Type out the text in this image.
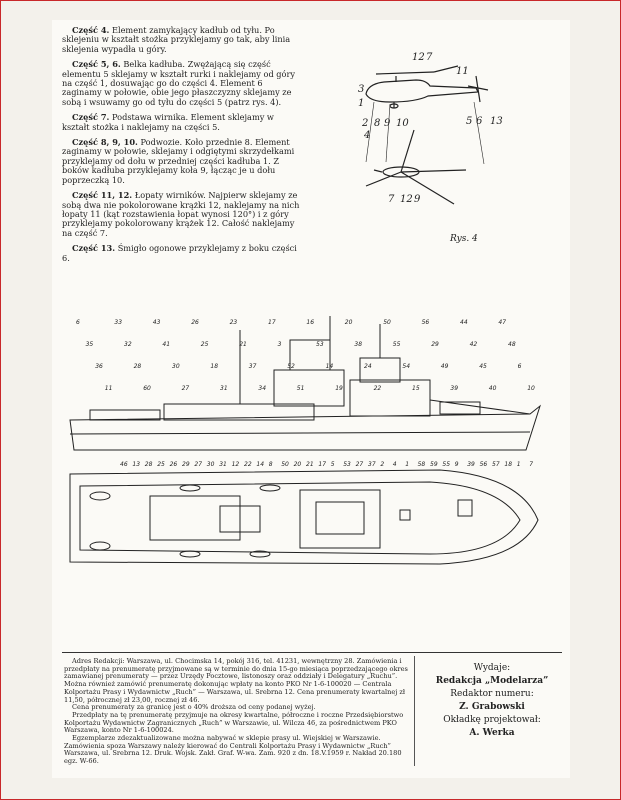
Część 4. Element zamykający kadłub od tyłu. Po sklejeniu w kształt stożka przyklejamy go tak, aby linia sklejenia wypadła u góry.

Część 5, 6. Belka kadłuba. Zwężającą się część elementu 5 sklejamy w kształt rurki i naklejamy od góry na część 1, dosuwając go do części 4. Element 6 zaginamy w połowie, obie jego płaszczyzny sklejamy ze sobą i wsuwamy go od tyłu do części 5 (patrz rys. 4).

Część 7. Podstawa wirnika. Element sklejamy w kształt stożka i naklejamy na części 5.

Część 8, 9, 10. Podwozie. Koło przednie 8. Element zaginamy w połowie, sklejamy i odgiętymi skrzydełkami przyklejamy od dołu w przedniej części kadłuba 1. Z boków kadłuba przyklejamy koła 9, łącząc je u dołu poprzeczką 10.

Część 11, 12. Łopaty wirników. Najpierw sklejamy ze sobą dwa nie pokolorowane krążki 12, naklejamy na nich łopaty 11 (kąt rozstawienia łopat wynosi 120°) i z góry przyklejamy pokolorowany krążek 12. Całość naklejamy na część 7.

Część 13. Śmigło ogonowe przyklejamy z boku części 6.

12 7
11
3
1
9 10
2 8	5 6 13
4
7 12 9
Rys. 4
6
35
36
11
33
32
28
60
43
41
30
27
26
25
18
31
23
21
37
34
17
3
52
51
16
53
14
19
20
38
24
22
50
55
54
15
56
29
49
39
44
42
45
40
47
48
6
10
46 13 28 25 26 29 27 30 31 12 22 14 8 50 20 21 17 5 53 27 37 2 4 1 58 59 55 9 39 56 57 18 1 7

Adres Redakcji: Warszawa, ul. Chocimska 14, pokój 316, tel. 41231, wewnętrzny 28. Zamówienia i przedpłaty na prenumeratę przyjmowane są w terminie do dnia 15-go miesiąca poprzedzającego okres zamawianej prenumeraty — przez Urzędy Pocztowe, listonoszy oraz oddziały i Delegatury „Ruchu”. Można również zamówić prenumeratę dokonując wpłaty na konto PKO Nr 1-6-100020 — Centrala Kolportażu Prasy i Wydawnictw „Ruch” — Warszawa, ul. Srebrna 12. Cena prenumeraty kwartalnej zł 11,50, półrocznej zł 23,00, rocznej zł 46.

Cena prenumeraty za granicę jest o 40% droższa od ceny podanej wyżej.

Przedpłaty na tę prenumeratę przyjmuje na okresy kwartalne, półroczne i roczne Przedsiębiorstwo Kolportażu Wydawnictw Zagranicznych „Ruch” w Warszawie, ul. Wilcza 46, za pośrednictwem PKO Warszawa, konto Nr 1-6-100024.

Egzemplarze zdezaktualizowane można nabywać w sklepie prasy ul. Wiejskiej w Warszawie. Zamówienia spoza Warszawy należy kierować do Centrali Kolportażu Prasy i Wydawnictw „Ruch” Warszawa, ul. Srebrna 12. Druk. Wojsk. Zakł. Graf. W-wa. Zam. 920 z dn. 18.V.1959 r. Nakład 20.180 egz. W-66.

Wydaje:
Redakcja „Modelarza”
Redaktor numeru:
Z. Grabowski
Okładkę projektował:
A. Werka
